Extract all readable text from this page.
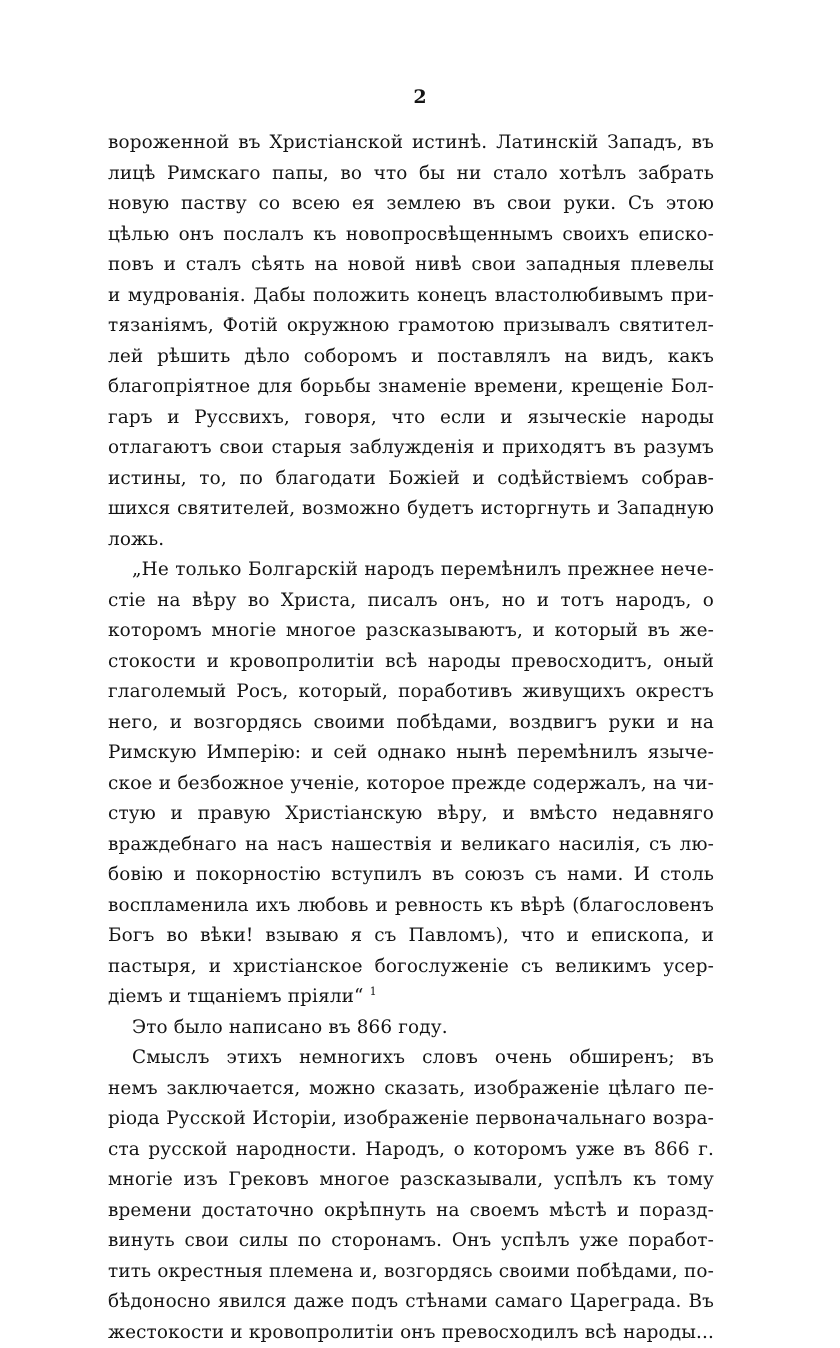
2
вороженной въ Христіанской истинѣ. Латинскій Западъ, въ
лицѣ Римскаго папы, во что бы ни стало хотѣлъ забрать
новую паству со всею ея землею въ свои руки. Съ этою
цѣлью онъ послалъ къ новопросвѣщеннымъ своихъ еписко-
повъ и сталъ сѣять на новой нивѣ свои западныя плевелы
и мудрованія. Дабы положить конецъ властолюбивымъ при-
тязаніямъ, Фотій окружною грамотою призывалъ святител-
лей рѣшить дѣло соборомъ и поставлялъ на видъ, какъ
благопріятное для борьбы знаменіе времени, крещеніе Бол-
гаръ и Руссвихъ, говоря, что если и языческіе народы
отлагаютъ свои старыя заблужденія и приходятъ въ разумъ
истины, то, по благодати Божіей и содѣйствіемъ собрав-
шихся святителей, возможно будетъ исторгнуть и Западную
ложь.
„Не только Болгарскій народъ перемѣнилъ прежнее нече-
стіе на вѣру во Христа, писалъ онъ, но и тотъ народъ, о
которомъ многіе многое разсказываютъ, и который въ же-
стокости и кровопролитіи всѣ народы превосходитъ, оный
глаголемый Росъ, который, поработивъ живущихъ окрестъ
него, и возгордясь своими побѣдами, воздвигъ руки и на
Римскую Имперію: и сей однако нынѣ перемѣнилъ языче-
ское и безбожное ученіе, которое прежде содержалъ, на чи-
стую и правую Христіанскую вѣру, и вмѣсто недавняго
враждебнаго на насъ нашествія и великаго насилія, съ лю-
бовію и покорностію вступилъ въ союзъ съ нами. И столь
воспламенила ихъ любовь и ревность къ вѣрѣ (благословенъ
Богъ во вѣки! взываю я съ Павломъ), что и епископа, и
пастыря, и христіанское богослуженіе съ великимъ усер-
діемъ и тщаніемъ пріяли“ $^1$
Это было написано въ 866 году.
Смыслъ этихъ немногихъ словъ очень обширенъ; въ
немъ заключается, можно сказать, изображеніе цѣлаго пе-
ріода Русской Исторіи, изображеніе первоначальнаго возра-
ста русской народности. Народъ, о которомъ уже въ 866 г.
многіе изъ Грековъ многое разсказывали, успѣлъ къ тому
времени достаточно окрѣпнуть на своемъ мѣстѣ и поразд-
винуть свои силы по сторонамъ. Онъ успѣлъ уже поработ-
тить окрестныя племена и, возгордясь своими побѣдами, по-
бѣдоносно явился даже подъ стѣнами самаго Цареграда. Въ
жестокости и кровопролитіи онъ превосходилъ всѣ народы...
